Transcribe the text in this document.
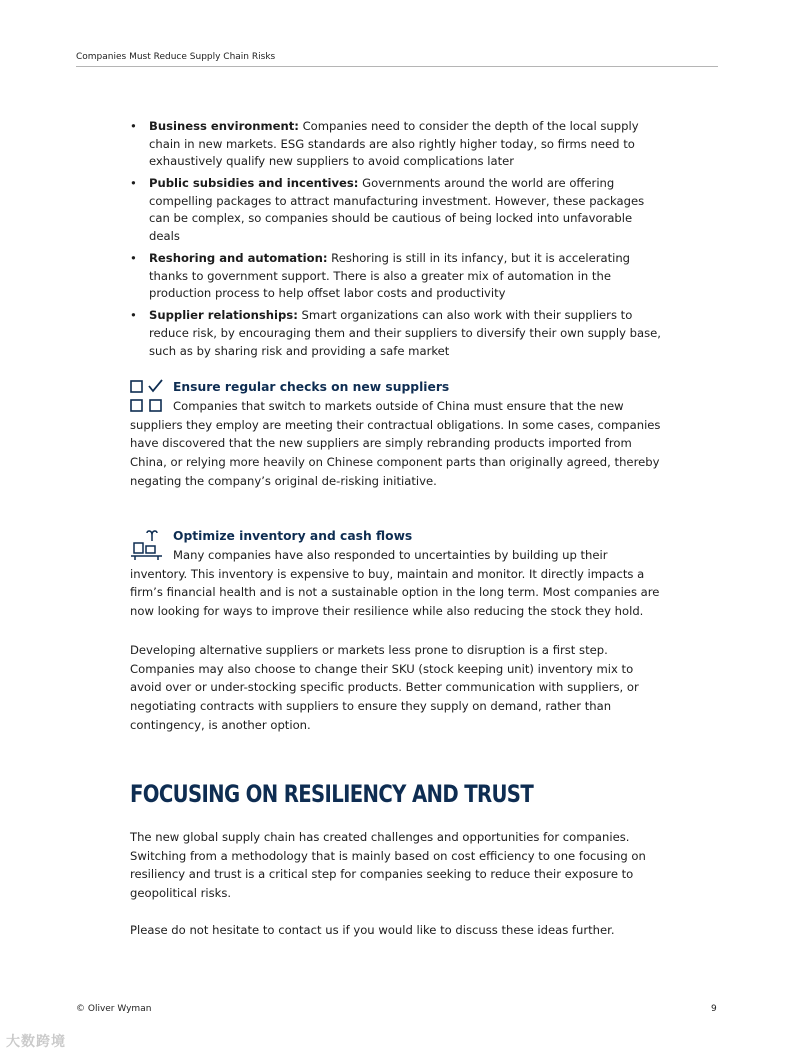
Companies Must Reduce Supply Chain Risks
• Business environment: Companies need to consider the depth of the local supply chain in new markets. ESG standards are also rightly higher today, so firms need to exhaustively qualify new suppliers to avoid complications later
• Public subsidies and incentives: Governments around the world are offering compelling packages to attract manufacturing investment. However, these packages can be complex, so companies should be cautious of being locked into unfavorable deals
• Reshoring and automation: Reshoring is still in its infancy, but it is accelerating thanks to government support. There is also a greater mix of automation in the production process to help offset labor costs and productivity
• Supplier relationships: Smart organizations can also work with their suppliers to reduce risk, by encouraging them and their suppliers to diversify their own supply base, such as by sharing risk and providing a safe market
Ensure regular checks on new suppliers

Companies that switch to markets outside of China must ensure that the new suppliers they employ are meeting their contractual obligations. In some cases, companies have discovered that the new suppliers are simply rebranding products imported from China, or relying more heavily on Chinese component parts than originally agreed, thereby negating the company’s original de-risking initiative.

Optimize inventory and cash flows

Many companies have also responded to uncertainties by building up their inventory. This inventory is expensive to buy, maintain and monitor. It directly impacts a firm’s financial health and is not a sustainable option in the long term. Most companies are now looking for ways to improve their resilience while also reducing the stock they hold.

Developing alternative suppliers or markets less prone to disruption is a first step. Companies may also choose to change their SKU (stock keeping unit) inventory mix to avoid over or under-stocking specific products. Better communication with suppliers, or negotiating contracts with suppliers to ensure they supply on demand, rather than contingency, is another option.

FOCUSING ON RESILIENCY AND TRUST

The new global supply chain has created challenges and opportunities for companies. Switching from a methodology that is mainly based on cost efficiency to one focusing on resiliency and trust is a critical step for companies seeking to reduce their exposure to geopolitical risks.

Please do not hesitate to contact us if you would like to discuss these ideas further.

© Oliver Wyman	9
大数跨境
